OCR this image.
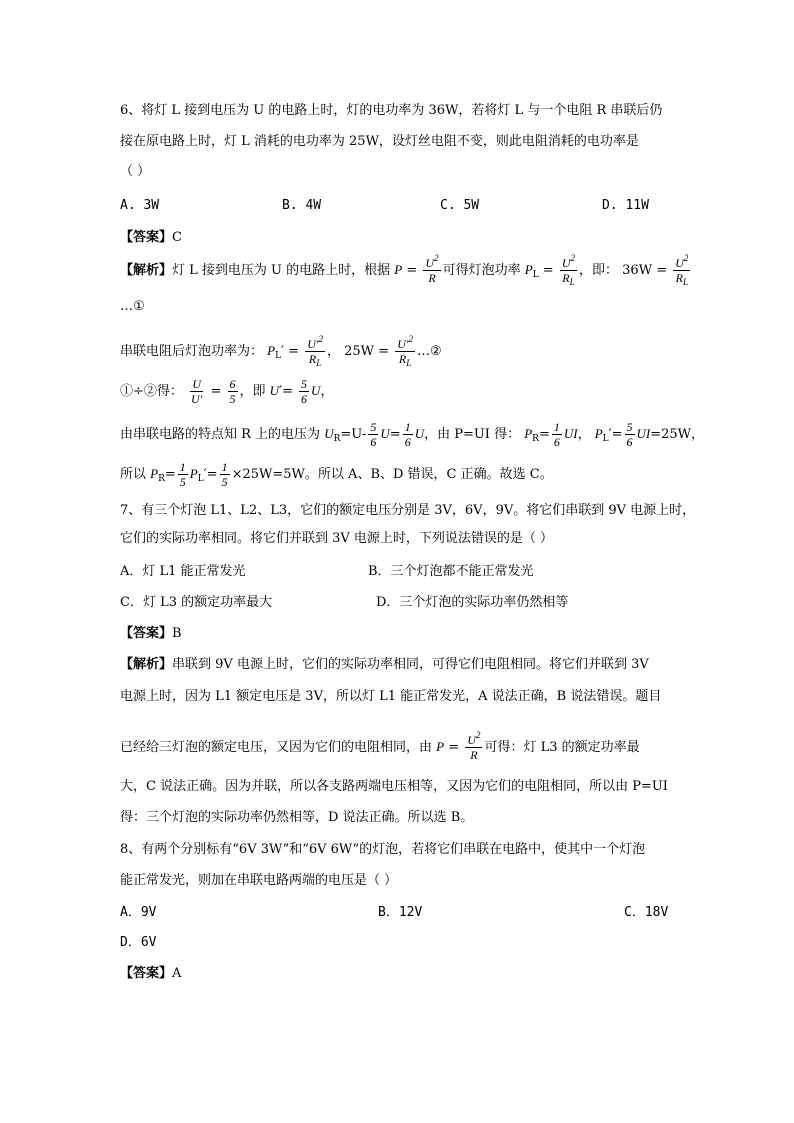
6、将灯 L 接到电压为 U 的电路上时，灯的电功率为 36W，若将灯 L 与一个电阻 R 串联后仍
接在原电路上时，灯 L 消耗的电功率为 25W，设灯丝电阻不变，则此电阻消耗的电功率是
（ ）
A. 3W	B. 4W	C. 5W	D. 11W
【答案】C
【解析】灯 L 接到电压为 U 的电路上时，根据 $P = \frac{U^2}{R}$ 可得灯泡功率 $P_L = \frac{U^2}{R_L}$ ，即： $36W = \frac{U^2}{R_L}$
…①
串联电阻后灯泡功率为： $P_L' = \frac{U'^2}{R_L}$ ， $25W = \frac{U'^2}{R_L}$ …②
①÷②得： $\frac{U}{U'} = \frac{6}{5}$ ，即 $U'= \frac{5}{6}$ U，
由串联电路的特点知 R 上的电压为 $U_R=U- \frac{5}{6} U= \frac{1}{6}$ U，由 P=UI 得： $P_R= \frac{1}{6}$ UI， $P_L'= \frac{5}{6} UI=25W$，
所以 $P_R= \frac{1}{5} P_L'= \frac{1}{5} \times 25W=5W$。所以 A、B、D 错误，C 正确。故选 C。
7、有三个灯泡 L1、L2、L3，它们的额定电压分别是 3V，6V，9V。将它们串联到 9V 电源上时，
它们的实际功率相同。将它们并联到 3V 电源上时，下列说法错误的是（ ）
A．灯 L1 能正常发光	B．三个灯泡都不能正常发光
C．灯 L3 的额定功率最大	D．三个灯泡的实际功率仍然相等
【答案】B
【解析】串联到 9V 电源上时，它们的实际功率相同，可得它们电阻相同。将它们并联到 3V
电源上时，因为 L1 额定电压是 3V，所以灯 L1 能正常发光，A 说法正确，B 说法错误。题目
已经给三灯泡的额定电压，又因为它们的电阻相同，由 $P = \frac{U^2}{R}$ 可得：灯 L3 的额定功率最
大，C 说法正确。因为并联，所以各支路两端电压相等，又因为它们的电阻相同，所以由 P=UI
得：三个灯泡的实际功率仍然相等，D 说法正确。所以选 B。
8、有两个分别标有“6V 3W”和“6V 6W”的灯泡，若将它们串联在电路中，使其中一个灯泡
能正常发光，则加在串联电路两端的电压是（ ）
A．9V	B．12V	C．18V
D．6V
【答案】A
